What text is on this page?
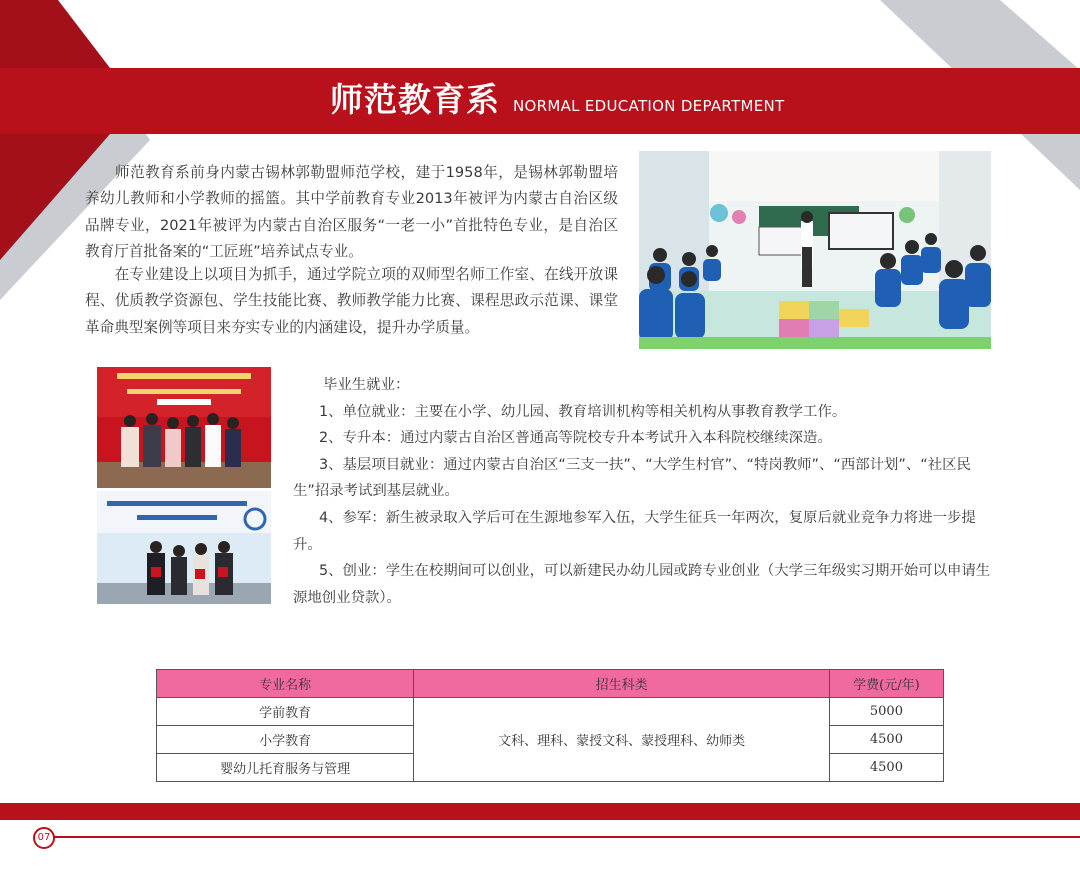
师范教育系 NORMAL EDUCATION DEPARTMENT
　　师范教育系前身内蒙古锡林郭勒盟师范学校，建于1958年，是锡林郭勒盟培养幼儿教师和小学教师的摇篮。其中学前教育专业2013年被评为内蒙古自治区级品牌专业，2021年被评为内蒙古自治区服务“一老一小”首批特色专业，是自治区教育厅首批备案的“工匠班”培养试点专业。
　　在专业建设上以项目为抓手，通过学院立项的双师型名师工作室、在线开放课程、优质教学资源包、学生技能比赛、教师教学能力比赛、课程思政示范课、课堂革命典型案例等项目来夯实专业的内涵建设，提升办学质量。

毕业生就业：

1、单位就业：主要在小学、幼儿园、教育培训机构等相关机构从事教育教学工作。

2、专升本：通过内蒙古自治区普通高等院校专升本考试升入本科院校继续深造。

3、基层项目就业：通过内蒙古自治区“三支一扶”、“大学生村官”、“特岗教师”、“西部计划”、“社区民生”招录考试到基层就业。

4、参军：新生被录取入学后可在生源地参军入伍，大学生征兵一年两次，复原后就业竞争力将进一步提升。

5、创业：学生在校期间可以创业，可以新建民办幼儿园或跨专业创业（大学三年级实习期开始可以申请生源地创业贷款）。

专业名称	招生科类	学费(元/年)
学前教育	文科、理科、蒙授文科、蒙授理科、幼师类	5000
小学教育		4500
婴幼儿托育服务与管理		4500
07
